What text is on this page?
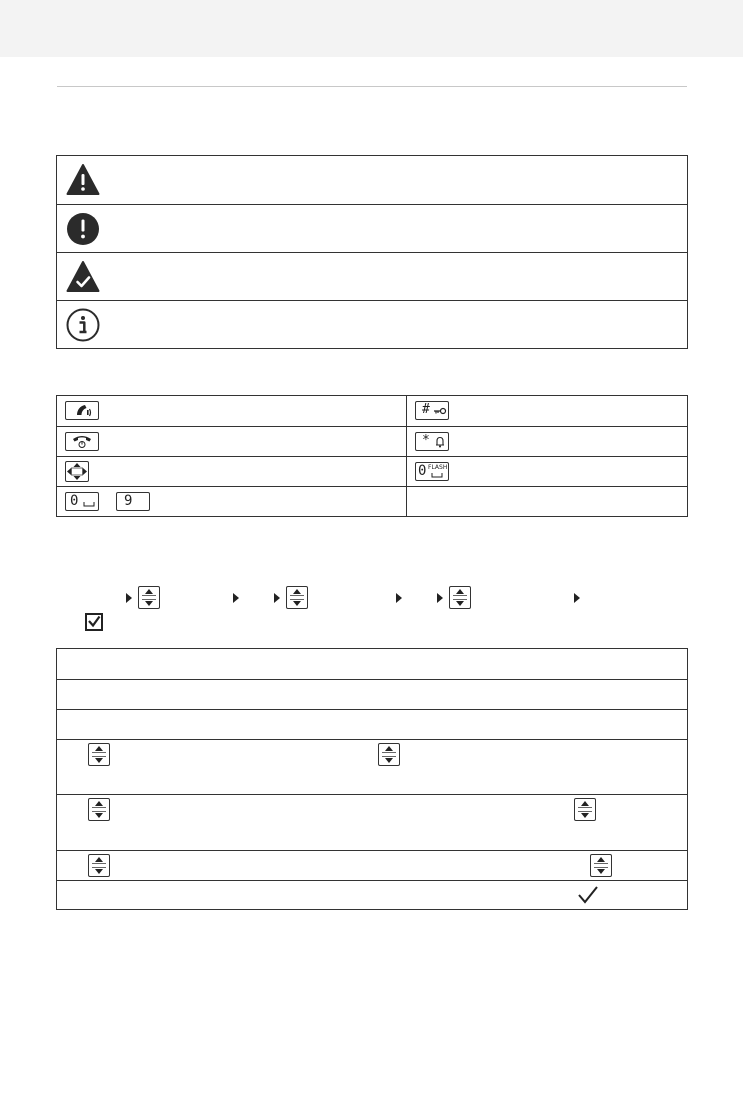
#
*
0 FLASH
0	9
